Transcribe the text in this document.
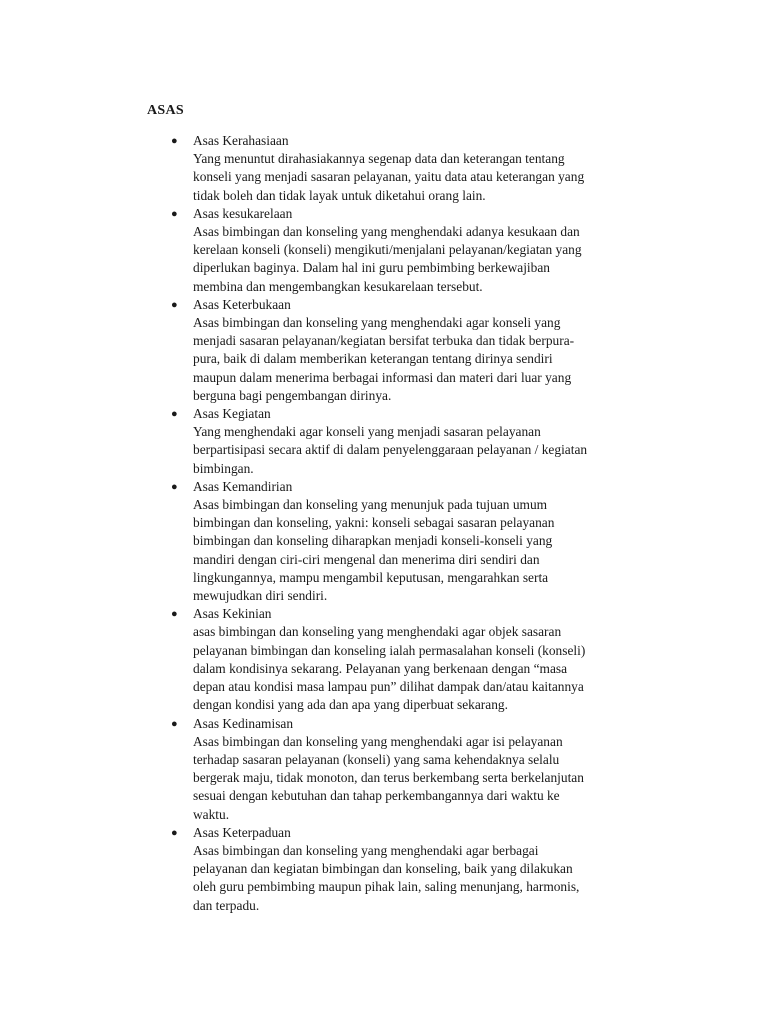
ASAS
● Asas Kerahasiaan
Yang menuntut dirahasiakannya segenap data dan keterangan tentang
konseli yang menjadi sasaran pelayanan, yaitu data atau keterangan yang
tidak boleh dan tidak layak untuk diketahui orang lain.
● Asas kesukarelaan
Asas bimbingan dan konseling yang menghendaki adanya kesukaan dan
kerelaan konseli (konseli) mengikuti/menjalani pelayanan/kegiatan yang
diperlukan baginya. Dalam hal ini guru pembimbing berkewajiban
membina dan mengembangkan kesukarelaan tersebut.
● Asas Keterbukaan
Asas bimbingan dan konseling yang menghendaki agar konseli yang
menjadi sasaran pelayanan/kegiatan bersifat terbuka dan tidak berpura-
pura, baik di dalam memberikan keterangan tentang dirinya sendiri
maupun dalam menerima berbagai informasi dan materi dari luar yang
berguna bagi pengembangan dirinya.
● Asas Kegiatan
Yang menghendaki agar konseli yang menjadi sasaran pelayanan
berpartisipasi secara aktif di dalam penyelenggaraan pelayanan / kegiatan
bimbingan.
● Asas Kemandirian
Asas bimbingan dan konseling yang menunjuk pada tujuan umum
bimbingan dan konseling, yakni: konseli sebagai sasaran pelayanan
bimbingan dan konseling diharapkan menjadi konseli-konseli yang
mandiri dengan ciri-ciri mengenal dan menerima diri sendiri dan
lingkungannya, mampu mengambil keputusan, mengarahkan serta
mewujudkan diri sendiri.
● Asas Kekinian
asas bimbingan dan konseling yang menghendaki agar objek sasaran
pelayanan bimbingan dan konseling ialah permasalahan konseli (konseli)
dalam kondisinya sekarang. Pelayanan yang berkenaan dengan “masa
depan atau kondisi masa lampau pun” dilihat dampak dan/atau kaitannya
dengan kondisi yang ada dan apa yang diperbuat sekarang.
● Asas Kedinamisan
Asas bimbingan dan konseling yang menghendaki agar isi pelayanan
terhadap sasaran pelayanan (konseli) yang sama kehendaknya selalu
bergerak maju, tidak monoton, dan terus berkembang serta berkelanjutan
sesuai dengan kebutuhan dan tahap perkembangannya dari waktu ke
waktu.
● Asas Keterpaduan
Asas bimbingan dan konseling yang menghendaki agar berbagai
pelayanan dan kegiatan bimbingan dan konseling, baik yang dilakukan
oleh guru pembimbing maupun pihak lain, saling menunjang, harmonis,
dan terpadu.
